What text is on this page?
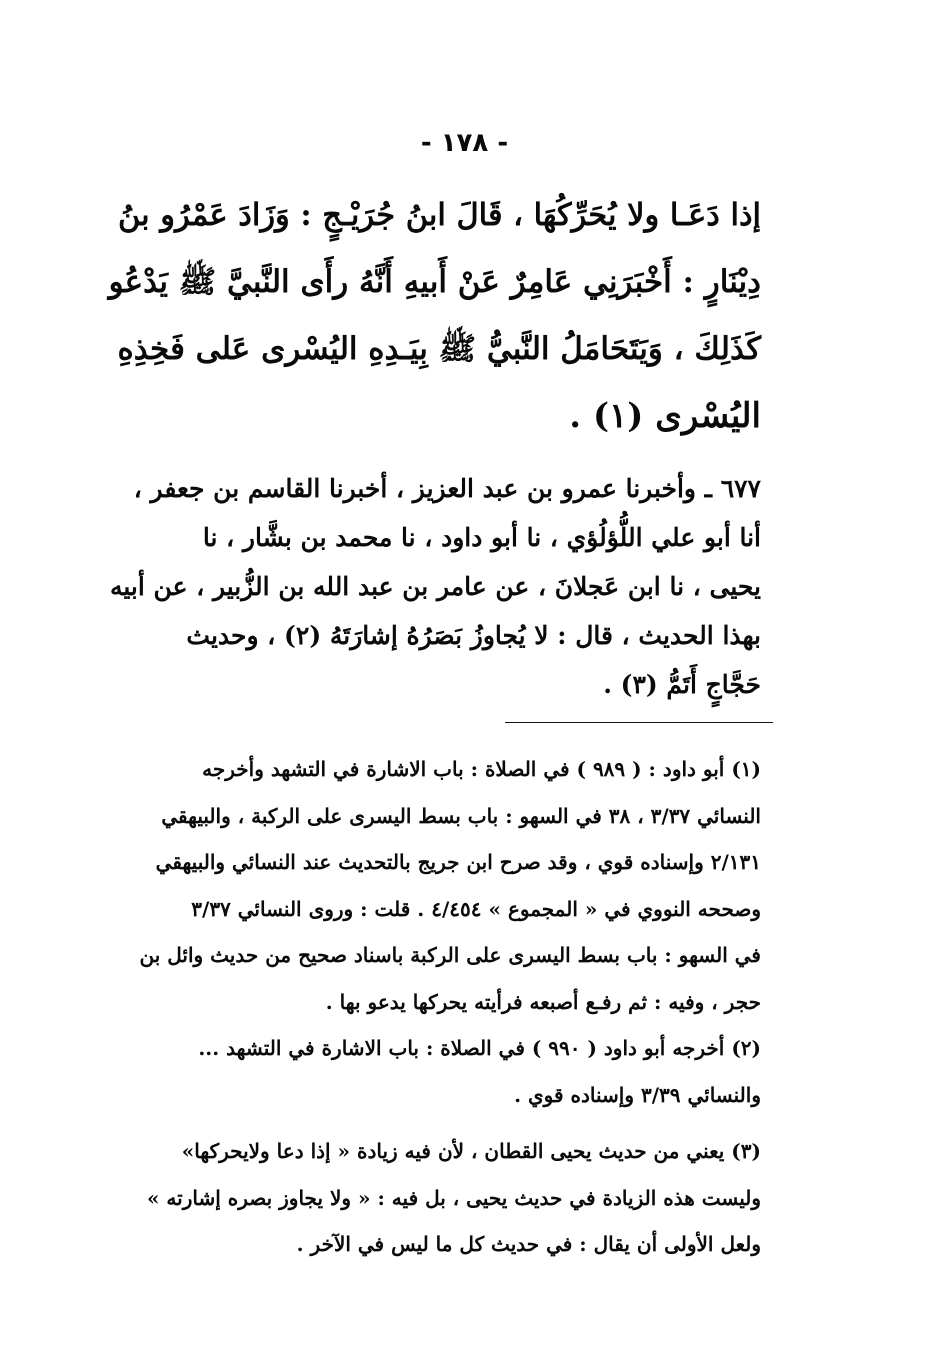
- ١٧٨ -
إذا دَعَـا ولا يُحَرِّكُهَا ، قَالَ ابنُ جُرَيْـجٍ : وَزَادَ عَمْرُو بنُ
دِيْنَارٍ : أَخْبَرَنِي عَامِرٌ عَنْ أَبيهِ أَنَّهُ رأَى النَّبيَّ ﷺ يَدْعُو
كَذَلِكَ ، وَيَتَحَامَلُ النَّبيُّ ﷺ بِيَـدِهِ اليُسْرى عَلى فَخِذِهِ
اليُسْرى (١) .
٦٧٧ ـ وأخبرنا عمرو بن عبد العزيز ، أخبرنا القاسم بن جعفر ،
أنا أبو علي اللُّؤلُؤي ، نا أبو داود ، نا محمد بن بشَّار ، نا
يحيى ، نا ابن عَجلانَ ، عن عامر بن عبد الله بن الزُّبير ، عن أبيه
بهذا الحديث ، قال : لا يُجاوزُ بَصَرُهُ إشارَتَهُ (٢) ، وحديث
حَجَّاجٍ أَتَمُّ (٣) .
(١) أبو داود : ( ٩٨٩ ) في الصلاة : باب الاشارة في التشهد وأخرجه
النسائي ٣/٣٧ ، ٣٨ في السهو : باب بسط اليسرى على الركبة ، والبيهقي
٢/١٣١ وإسناده قوي ، وقد صرح ابن جريج بالتحديث عند النسائي والبيهقي
وصححه النووي في « المجموع » ٤/٤٥٤ . قلت : وروى النسائي ٣/٣٧
في السهو : باب بسط اليسرى على الركبة باسناد صحيح من حديث وائل بن
حجر ، وفيه : ثم رفـع أصبعه فرأيته يحركها يدعو بها .
(٢) أخرجه أبو داود ( ٩٩٠ ) في الصلاة : باب الاشارة في التشهد ...
والنسائي ٣/٣٩ وإسناده قوي .
(٣) يعني من حديث يحيى القطان ، لأن فيه زيادة « إذا دعا ولايحركها»
وليست هذه الزيادة في حديث يحيى ، بل فيه : « ولا يجاوز بصره إشارته »
ولعل الأولى أن يقال : في حديث كل ما ليس في الآخر .
